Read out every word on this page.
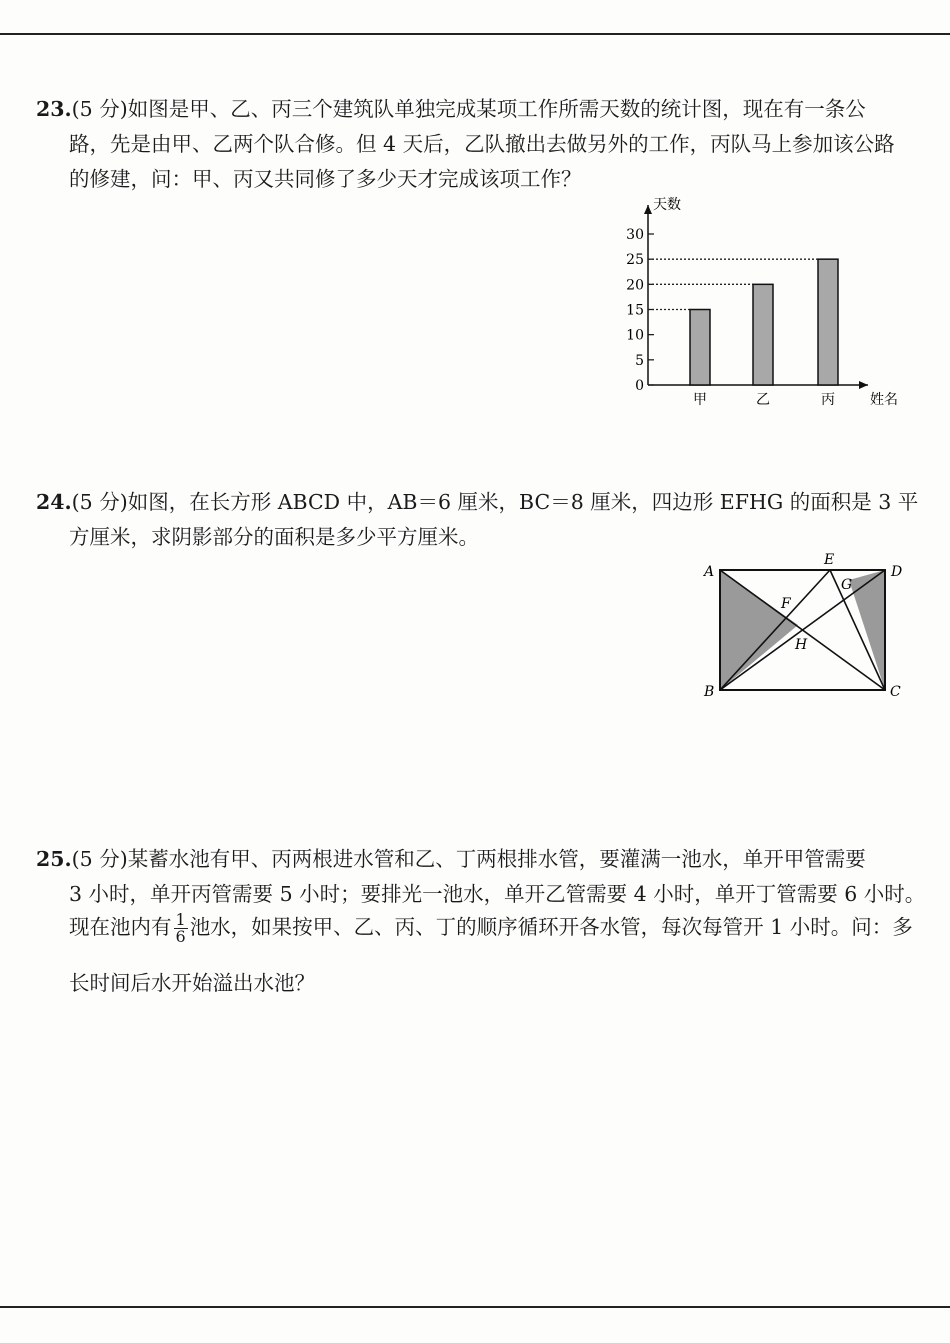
23.(5 分)如图是甲、乙、丙三个建筑队单独完成某项工作所需天数的统计图，现在有一条公
路，先是由甲、乙两个队合修。但 4 天后，乙队撤出去做另外的工作，丙队马上参加该公路
的修建，问：甲、丙又共同修了多少天才完成该项工作？
天数
姓名
0
5
10
15
20
25
30
甲	乙	丙
24.(5 分)如图，在长方形 ABCD 中，AB＝6 厘米，BC＝8 厘米，四边形 EFHG 的面积是 3 平
方厘米，求阴影部分的面积是多少平方厘米。
A
B	C
D
E
F
G
H
25.(5 分)某蓄水池有甲、丙两根进水管和乙、丁两根排水管，要灌满一池水，单开甲管需要
3 小时，单开丙管需要 5 小时；要排光一池水，单开乙管需要 4 小时，单开丁管需要 6 小时。
现在池内有 $\frac{1}{6}$ 池水，如果按甲、乙、丙、丁的顺序循环开各水管，每次每管开 1 小时。问：多
长时间后水开始溢出水池？
